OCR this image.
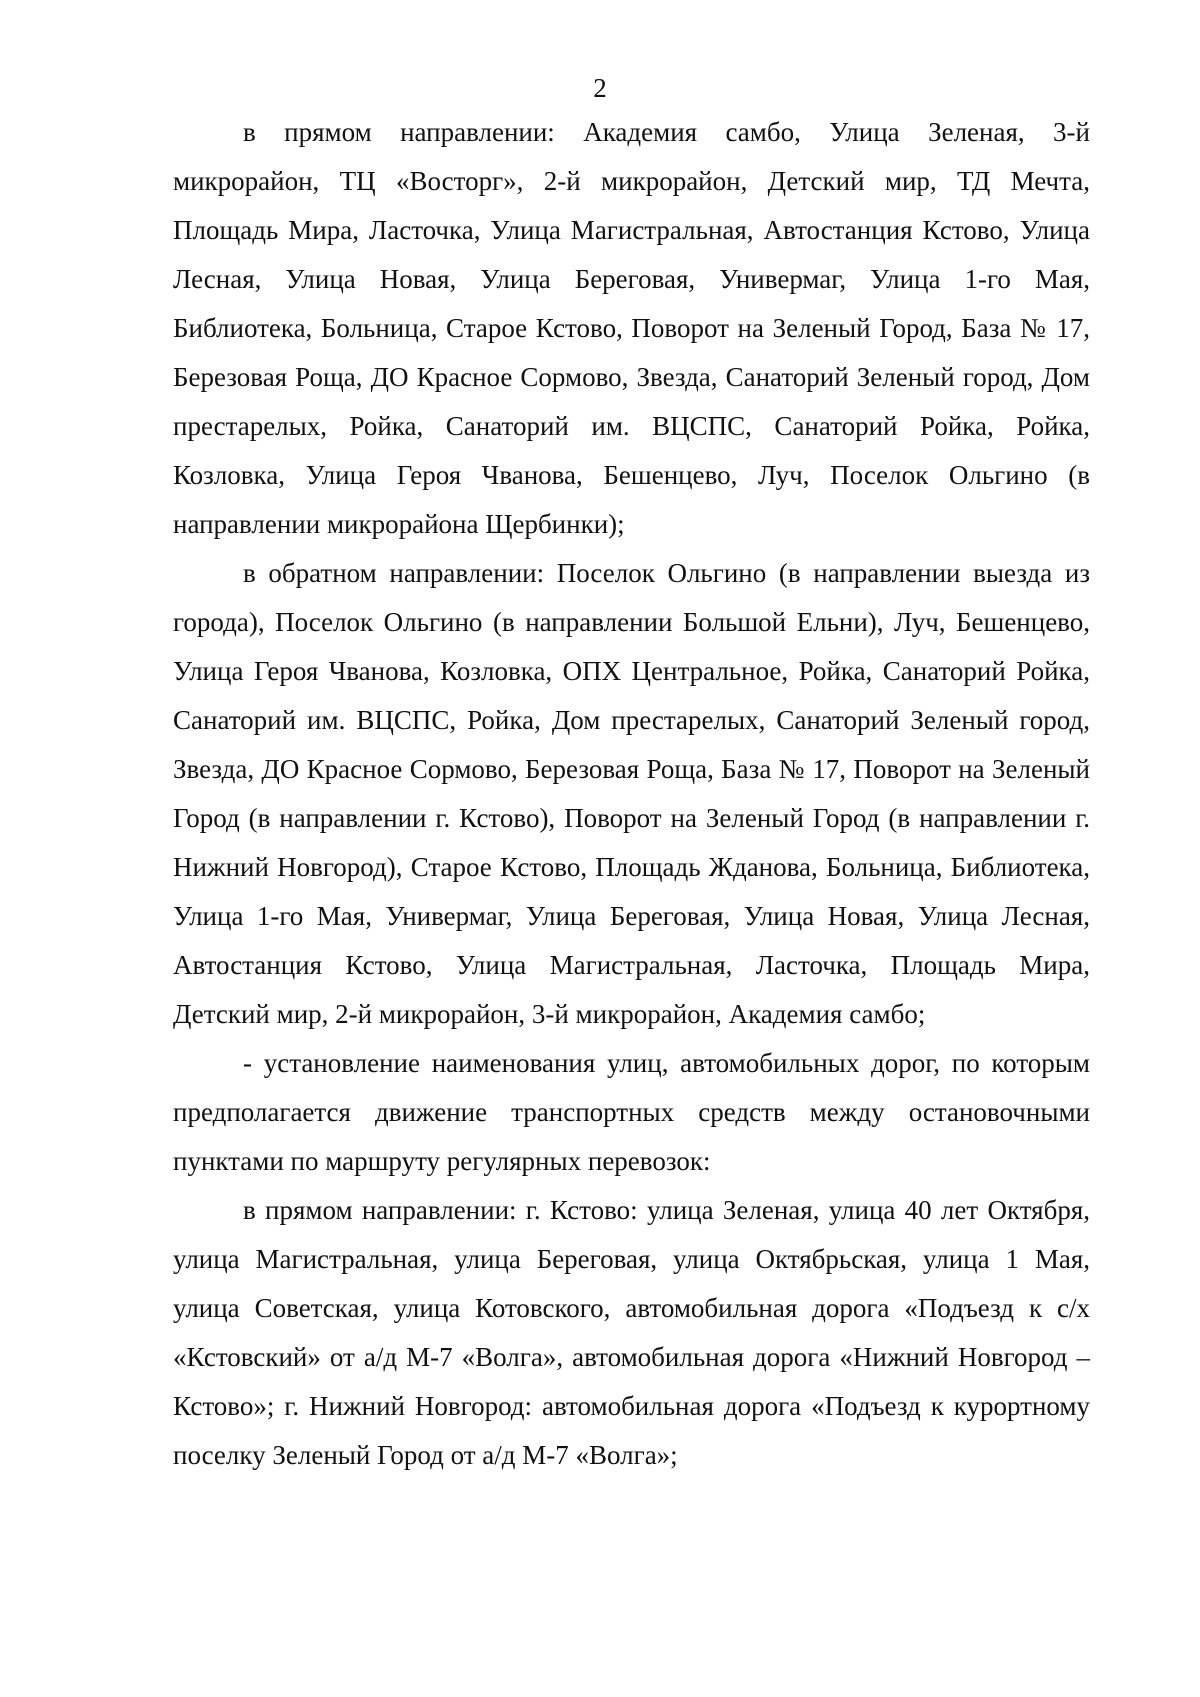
2

в прямом направлении: Академия самбо, Улица Зеленая, 3-й микрорайон, ТЦ «Восторг», 2-й микрорайон, Детский мир, ТД Мечта, Площадь Мира, Ласточка, Улица Магистральная, Автостанция Кстово, Улица Лесная, Улица Новая, Улица Береговая, Универмаг, Улица 1-го Мая, Библиотека, Больница, Старое Кстово, Поворот на Зеленый Город, База № 17, Березовая Роща, ДО Красное Сормово, Звезда, Санаторий Зеленый город, Дом престарелых, Ройка, Санаторий им. ВЦСПС, Санаторий Ройка, Ройка, Козловка, Улица Героя Чванова, Бешенцево, Луч, Поселок Ольгино (в направлении микрорайона Щербинки);

в обратном направлении: Поселок Ольгино (в направлении выезда из города), Поселок Ольгино (в направлении Большой Ельни), Луч, Бешенцево, Улица Героя Чванова, Козловка, ОПХ Центральное, Ройка, Санаторий Ройка, Санаторий им. ВЦСПС, Ройка, Дом престарелых, Санаторий Зеленый город, Звезда, ДО Красное Сормово, Березовая Роща, База № 17, Поворот на Зеленый Город (в направлении г. Кстово), Поворот на Зеленый Город (в направлении г. Нижний Новгород), Старое Кстово, Площадь Жданова, Больница, Библиотека, Улица 1-го Мая, Универмаг, Улица Береговая, Улица Новая, Улица Лесная, Автостанция Кстово, Улица Магистральная, Ласточка, Площадь Мира, Детский мир, 2-й микрорайон, 3-й микрорайон, Академия самбо;

- установление наименования улиц, автомобильных дорог, по которым предполагается движение транспортных средств между остановочными пунктами по маршруту регулярных перевозок:

в прямом направлении: г. Кстово: улица Зеленая, улица 40 лет Октября, улица Магистральная, улица Береговая, улица Октябрьская, улица 1 Мая, улица Советская, улица Котовского, автомобильная дорога «Подъезд к с/х «Кстовский» от а/д М-7 «Волга», автомобильная дорога «Нижний Новгород – Кстово»; г. Нижний Новгород: автомобильная дорога «Подъезд к курортному поселку Зеленый Город от а/д М-7 «Волга»;
